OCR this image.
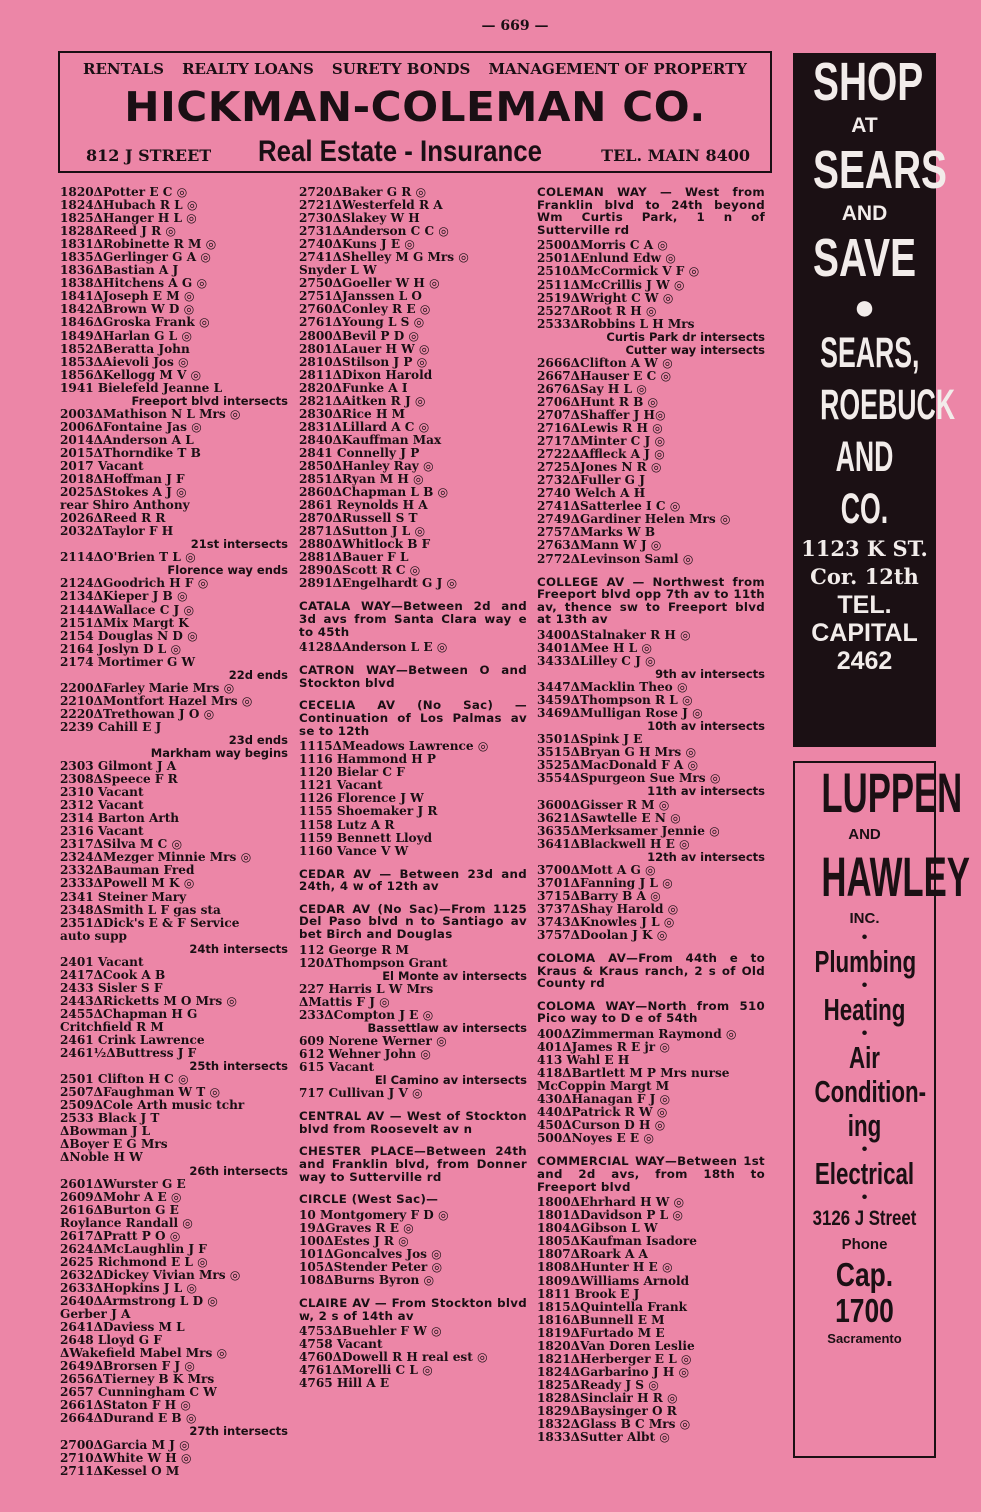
— 669 —
RENTALS REALTY LOANS SURETY BONDS MANAGEMENT OF PROPERTY
HICKMAN-COLEMAN CO.
812 J STREET Real Estate - Insurance	TEL. MAIN 8400
1820ΔPotter E C ◎
1824ΔHubach R L ◎
1825ΔHanger H L ◎
1828ΔReed J R ◎
1831ΔRobinette R M ◎
1835ΔGerlinger G A ◎
1836ΔBastian A J
1838ΔHitchens A G ◎
1841ΔJoseph E M ◎
1842ΔBrown W D ◎
1846ΔGroska Frank ◎
1849ΔHarlan G L ◎
1852ΔBeratta John
1853ΔAievoli Jos ◎
1856ΔKellogg M V ◎
1941 Bielefeld Jeanne L
Freeport blvd intersects
2003ΔMathison N L Mrs ◎
2006ΔFontaine Jas ◎
2014ΔAnderson A L
2015ΔThorndike T B
2017 Vacant
2018ΔHoffman J F
2025ΔStokes A J ◎
rear Shiro Anthony
2026ΔReed R R
2032ΔTaylor F H
21st intersects
2114ΔO'Brien T L ◎
Florence way ends
2124ΔGoodrich H F ◎
2134ΔKieper J B ◎
2144ΔWallace C J ◎
2151ΔMix Margt K
2154 Douglas N D ◎
2164 Joslyn D L ◎
2174 Mortimer G W
22d ends
2200ΔFarley Marie Mrs ◎
2210ΔMontfort Hazel Mrs ◎
2220ΔTrethowan J O ◎
2239 Cahill E J
23d ends
Markham way begins
2303 Gilmont J A
2308ΔSpeece F R
2310 Vacant
2312 Vacant
2314 Barton Arth
2316 Vacant
2317ΔSilva M C ◎
2324ΔMezger Minnie Mrs ◎
2332ΔBauman Fred
2333ΔPowell M K ◎
2341 Steiner Mary
2348ΔSmith L F gas sta
2351ΔDick's E & F Service
auto supp
24th intersects
2401 Vacant
2417ΔCook A B
2433 Sisler S F
2443ΔRicketts M O Mrs ◎
2455ΔChapman H G
Critchfield R M
2461 Crink Lawrence
2461½ΔButtress J F
25th intersects
2501 Clifton H C ◎
2507ΔFaughman W T ◎
2509ΔCole Arth music tchr
2533 Black J T
ΔBowman J L
ΔBoyer E G Mrs
ΔNoble H W
26th intersects
2601ΔWurster G E
2609ΔMohr A E ◎
2616ΔBurton G E
Roylance Randall ◎
2617ΔPratt P O ◎
2624ΔMcLaughlin J F
2625 Richmond E L ◎
2632ΔDickey Vivian Mrs ◎
2633ΔHopkins J L ◎
2640ΔArmstrong L D ◎
Gerber J A
2641ΔDaviess M L
2648 Lloyd G F
ΔWakefield Mabel Mrs ◎
2649ΔBrorsen F J ◎
2656ΔTierney B K Mrs
2657 Cunningham C W
2661ΔStaton F H ◎
2664ΔDurand E B ◎
27th intersects
2700ΔGarcia M J ◎
2710ΔWhite W H ◎
2711ΔKessel O M
2720ΔBaker G R ◎
2721ΔWesterfeld R A
2730ΔSlakey W H
2731ΔAnderson C C ◎
2740ΔKuns J E ◎
2741ΔShelley M G Mrs ◎
Snyder L W
2750ΔGoeller W H ◎
2751ΔJanssen L O
2760ΔConley R E ◎
2761ΔYoung L S ◎
2800ΔBevil P D ◎
2801ΔLauer H W ◎
2810ΔStilson J P ◎
2811ΔDixon Harold
2820ΔFunke A I
2821ΔAitken R J ◎
2830ΔRice H M
2831ΔLillard A C ◎
2840ΔKauffman Max
2841 Connelly J P
2850ΔHanley Ray ◎
2851ΔRyan M H ◎
2860ΔChapman L B ◎
2861 Reynolds H A
2870ΔRussell S T
2871ΔSutton J L ◎
2880ΔWhitlock B F
2881ΔBauer F L
2890ΔScott R C ◎
2891ΔEngelhardt G J ◎
CATALA WAY—Between 2d and 3d avs from Santa Clara way e to 45th
4128ΔAnderson L E ◎
CATRON WAY—Between O and Stockton blvd
CECELIA AV (No Sac) — Continuation of Los Palmas av se to 12th
1115ΔMeadows Lawrence ◎
1116 Hammond H P
1120 Bielar C F
1121 Vacant
1126 Florence J W
1155 Shoemaker J R
1158 Lutz A R
1159 Bennett Lloyd
1160 Vance V W
CEDAR AV — Between 23d and 24th, 4 w of 12th av
CEDAR AV (No Sac)—From 1125 Del Paso blvd n to Santiago av bet Birch and Douglas
112 George R M
120ΔThompson Grant
El Monte av intersects
227 Harris L W Mrs
ΔMattis F J ◎
233ΔCompton J E ◎
Bassettlaw av intersects
609 Norene Werner ◎
612 Wehner John ◎
615 Vacant
El Camino av intersects
717 Cullivan J V ◎
CENTRAL AV — West of Stockton blvd from Roosevelt av n
CHESTER PLACE—Between 24th and Franklin blvd, from Donner way to Sutterville rd
CIRCLE (West Sac)—
10 Montgomery F D ◎
19ΔGraves R E ◎
100ΔEstes J R ◎
101ΔGoncalves Jos ◎
105ΔStender Peter ◎
108ΔBurns Byron ◎
CLAIRE AV — From Stockton blvd w, 2 s of 14th av
4753ΔBuehler F W ◎
4758 Vacant
4760ΔDowell R H real est ◎
4761ΔMorelli C L ◎
4765 Hill A E
COLEMAN WAY — West from Franklin blvd to 24th beyond Wm Curtis Park, 1 n of Sutterville rd
2500ΔMorris C A ◎
2501ΔEnlund Edw ◎
2510ΔMcCormick V F ◎
2511ΔMcCrillis J W ◎
2519ΔWright C W ◎
2527ΔRoot R H ◎
2533ΔRobbins L H Mrs
Curtis Park dr intersects
Cutter way intersects
2666ΔClifton A W ◎
2667ΔHauser E C ◎
2676ΔSay H L ◎
2706ΔHunt R B ◎
2707ΔShaffer J H◎
2716ΔLewis R H ◎
2717ΔMinter C J ◎
2722ΔAffleck A J ◎
2725ΔJones N R ◎
2732ΔFuller G J
2740 Welch A H
2741ΔSatterlee I C ◎
2749ΔGardiner Helen Mrs ◎
2757ΔMarks W B
2763ΔMann W J ◎
2772ΔLevinson Saml ◎
COLLEGE AV — Northwest from Freeport blvd opp 7th av to 11th av, thence sw to Freeport blvd at 13th av
3400ΔStalnaker R H ◎
3401ΔMee H L ◎
3433ΔLilley C J ◎
9th av intersects
3447ΔMacklin Theo ◎
3459ΔThompson R L ◎
3469ΔMulligan Rose J ◎
10th av intersects
3501ΔSpink J E
3515ΔBryan G H Mrs ◎
3525ΔMacDonald F A ◎
3554ΔSpurgeon Sue Mrs ◎
11th av intersects
3600ΔGisser R M ◎
3621ΔSawtelle E N ◎
3635ΔMerksamer Jennie ◎
3641ΔBlackwell H E ◎
12th av intersects
3700ΔMott A G ◎
3701ΔFanning J L ◎
3715ΔBarry B A ◎
3737ΔShay Harold ◎
3743ΔKnowles J L ◎
3757ΔDoolan J K ◎
COLOMA AV—From 44th e to Kraus & Kraus ranch, 2 s of Old County rd
COLOMA WAY—North from 510 Pico way to D e of 54th
400ΔZimmerman Raymond ◎
401ΔJames R E jr ◎
413 Wahl E H
418ΔBartlett M P Mrs nurse
McCoppin Margt M
430ΔHanagan F J ◎
440ΔPatrick R W ◎
450ΔCurson D H ◎
500ΔNoyes E E ◎
COMMERCIAL WAY—Between 1st and 2d avs, from 18th to Freeport blvd
1800ΔEhrhard H W ◎
1801ΔDavidson P L ◎
1804ΔGibson L W
1805ΔKaufman Isadore
1807ΔRoark A A
1808ΔHunter H E ◎
1809ΔWilliams Arnold
1811 Brook E J
1815ΔQuintella Frank
1816ΔBunnell E M
1819ΔFurtado M E
1820ΔVan Doren Leslie
1821ΔHerberger E L ◎
1824ΔGarbarino J H ◎
1825ΔReady J S ◎
1828ΔSinclair H R ◎
1829ΔBaysinger O R
1832ΔGlass B C Mrs ◎
1833ΔSutter Albt ◎
SHOP
AT
SEARS
AND
SAVE
●
SEARS,
ROEBUCK
AND CO.
1123 K ST.
Cor. 12th
TEL.
CAPITAL
2462
LUPPEN
AND
HAWLEY
INC.
•
Plumbing
•
Heating
•
Air
Condition-
ing
•
Electrical
•
3126 J Street
Phone
Cap. 1700
Sacramento
